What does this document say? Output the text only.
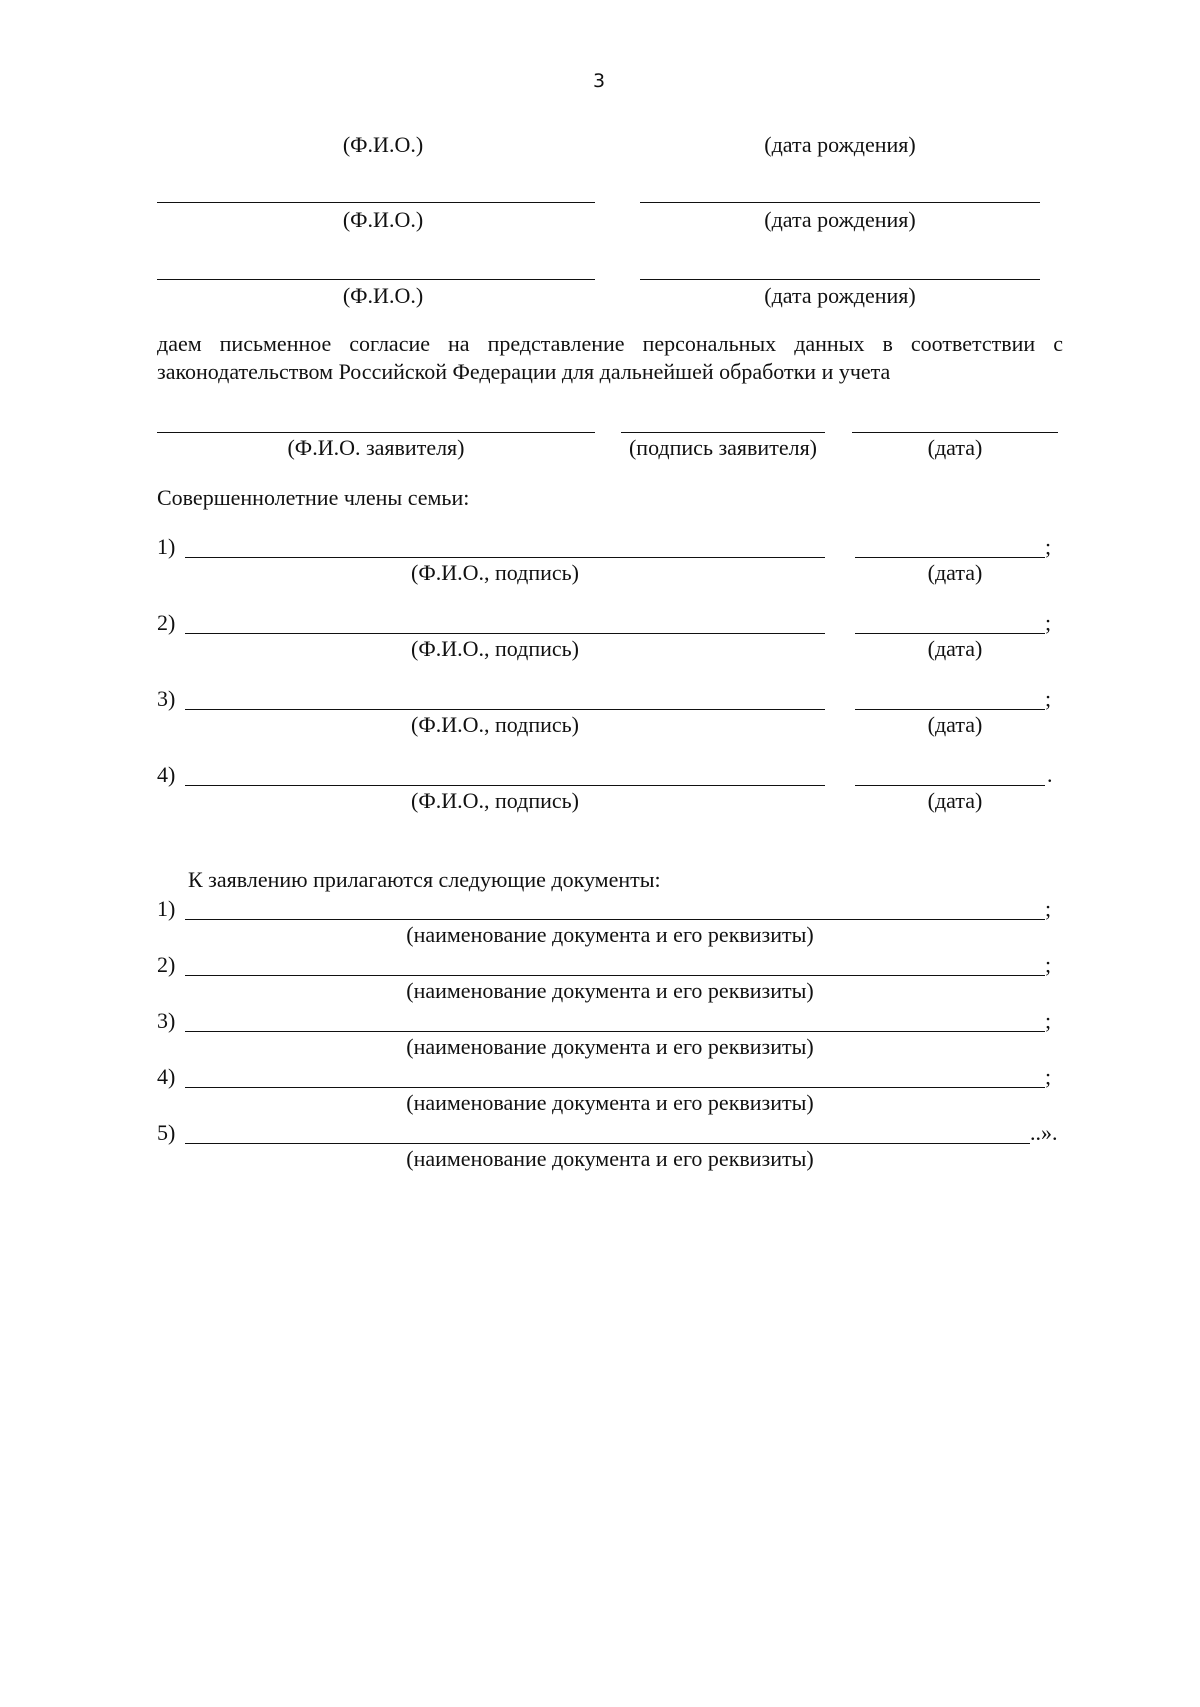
3
(Ф.И.О.)	(дата рождения)
(Ф.И.О.)	(дата рождения)
(Ф.И.О.)	(дата рождения)
даем письменное согласие на представление персональных данных в соответствии с законодательством Российской Федерации для дальнейшей обработки и учета
(Ф.И.О. заявителя)	(подпись заявителя)	(дата)
Совершеннолетние члены семьи:
1)	;
(Ф.И.О., подпись)	(дата)
2)	;
(Ф.И.О., подпись)	(дата)
3)	;
(Ф.И.О., подпись)	(дата)
4)	.
(Ф.И.О., подпись)	(дата)
К заявлению прилагаются следующие документы:
1)	;
(наименование документа и его реквизиты)
2)	;
(наименование документа и его реквизиты)
3)	;
(наименование документа и его реквизиты)
4)	;
(наименование документа и его реквизиты)
5)	..».
(наименование документа и его реквизиты)
